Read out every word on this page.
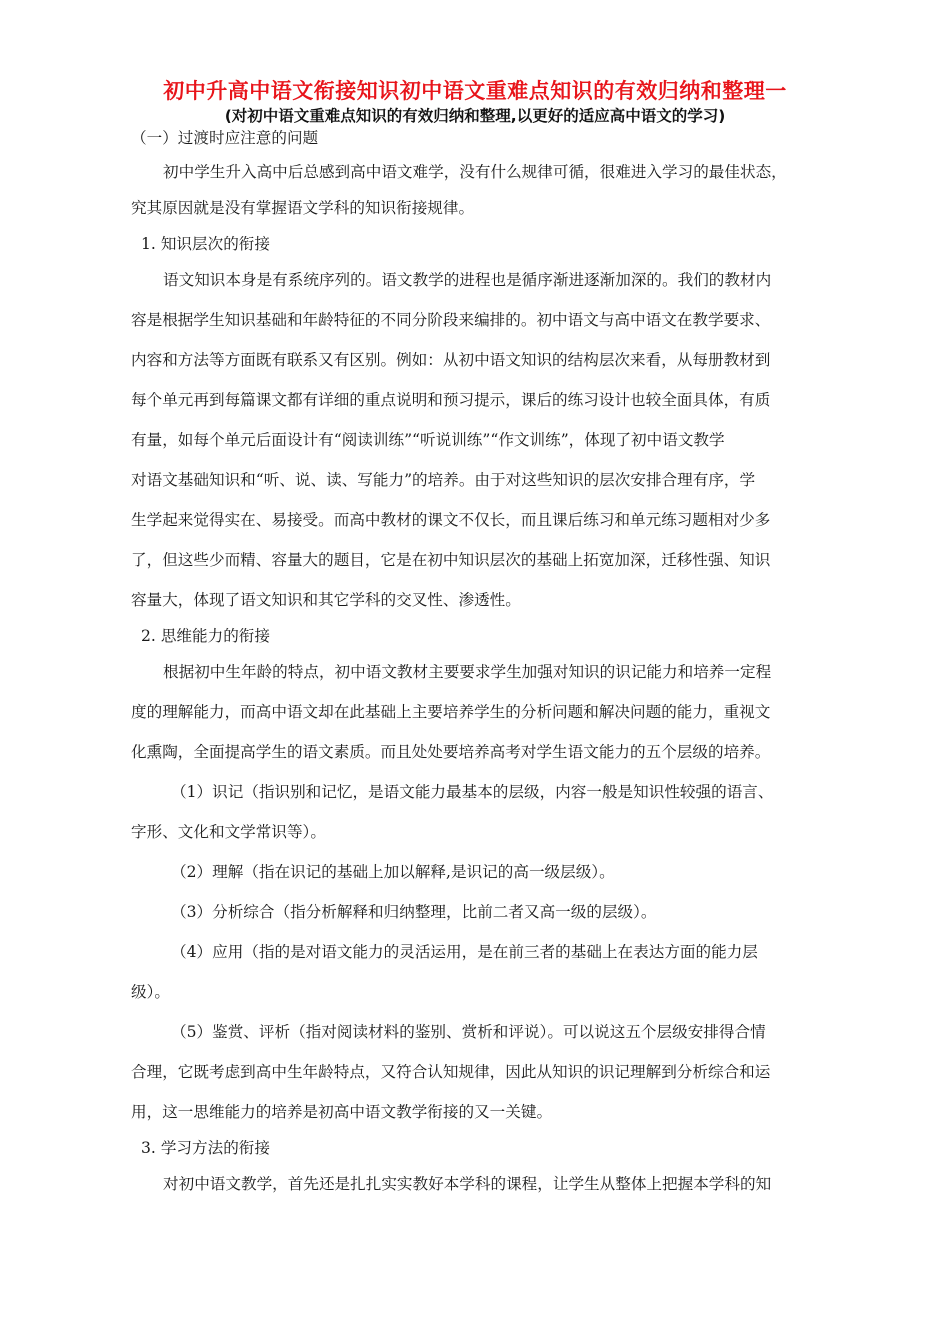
初中升高中语文衔接知识初中语文重难点知识的有效归纳和整理一
(对初中语文重难点知识的有效归纳和整理,以更好的适应高中语文的学习)
（一）过渡时应注意的问题
初中学生升入高中后总感到高中语文难学，没有什么规律可循，很难进入学习的最佳状态，
究其原因就是没有掌握语文学科的知识衔接规律。
1. 知识层次的衔接
语文知识本身是有系统序列的。语文教学的进程也是循序渐进逐渐加深的。我们的教材内
容是根据学生知识基础和年龄特征的不同分阶段来编排的。初中语文与高中语文在教学要求、
内容和方法等方面既有联系又有区别。例如：从初中语文知识的结构层次来看，从每册教材到
每个单元再到每篇课文都有详细的重点说明和预习提示，课后的练习设计也较全面具体，有质
有量，如每个单元后面设计有“阅读训练”“听说训练”“作文训练”，体现了初中语文教学
对语文基础知识和“听、说、读、写能力”的培养。由于对这些知识的层次安排合理有序，学
生学起来觉得实在、易接受。而高中教材的课文不仅长，而且课后练习和单元练习题相对少多
了，但这些少而精、容量大的题目，它是在初中知识层次的基础上拓宽加深，迁移性强、知识
容量大，体现了语文知识和其它学科的交叉性、渗透性。
2. 思维能力的衔接
根据初中生年龄的特点，初中语文教材主要要求学生加强对知识的识记能力和培养一定程
度的理解能力，而高中语文却在此基础上主要培养学生的分析问题和解决问题的能力，重视文
化熏陶，全面提高学生的语文素质。而且处处要培养高考对学生语文能力的五个层级的培养。
（1）识记（指识别和记忆，是语文能力最基本的层级，内容一般是知识性较强的语言、
字形、文化和文学常识等）。
（2）理解（指在识记的基础上加以解释,是识记的高一级层级）。
（3）分析综合（指分析解释和归纳整理，比前二者又高一级的层级）。
（4）应用（指的是对语文能力的灵活运用，是在前三者的基础上在表达方面的能力层
级）。
（5）鉴赏、评析（指对阅读材料的鉴别、赏析和评说）。可以说这五个层级安排得合情
合理，它既考虑到高中生年龄特点，又符合认知规律，因此从知识的识记理解到分析综合和运
用，这一思维能力的培养是初高中语文教学衔接的又一关键。
3. 学习方法的衔接
对初中语文教学，首先还是扎扎实实教好本学科的课程，让学生从整体上把握本学科的知
